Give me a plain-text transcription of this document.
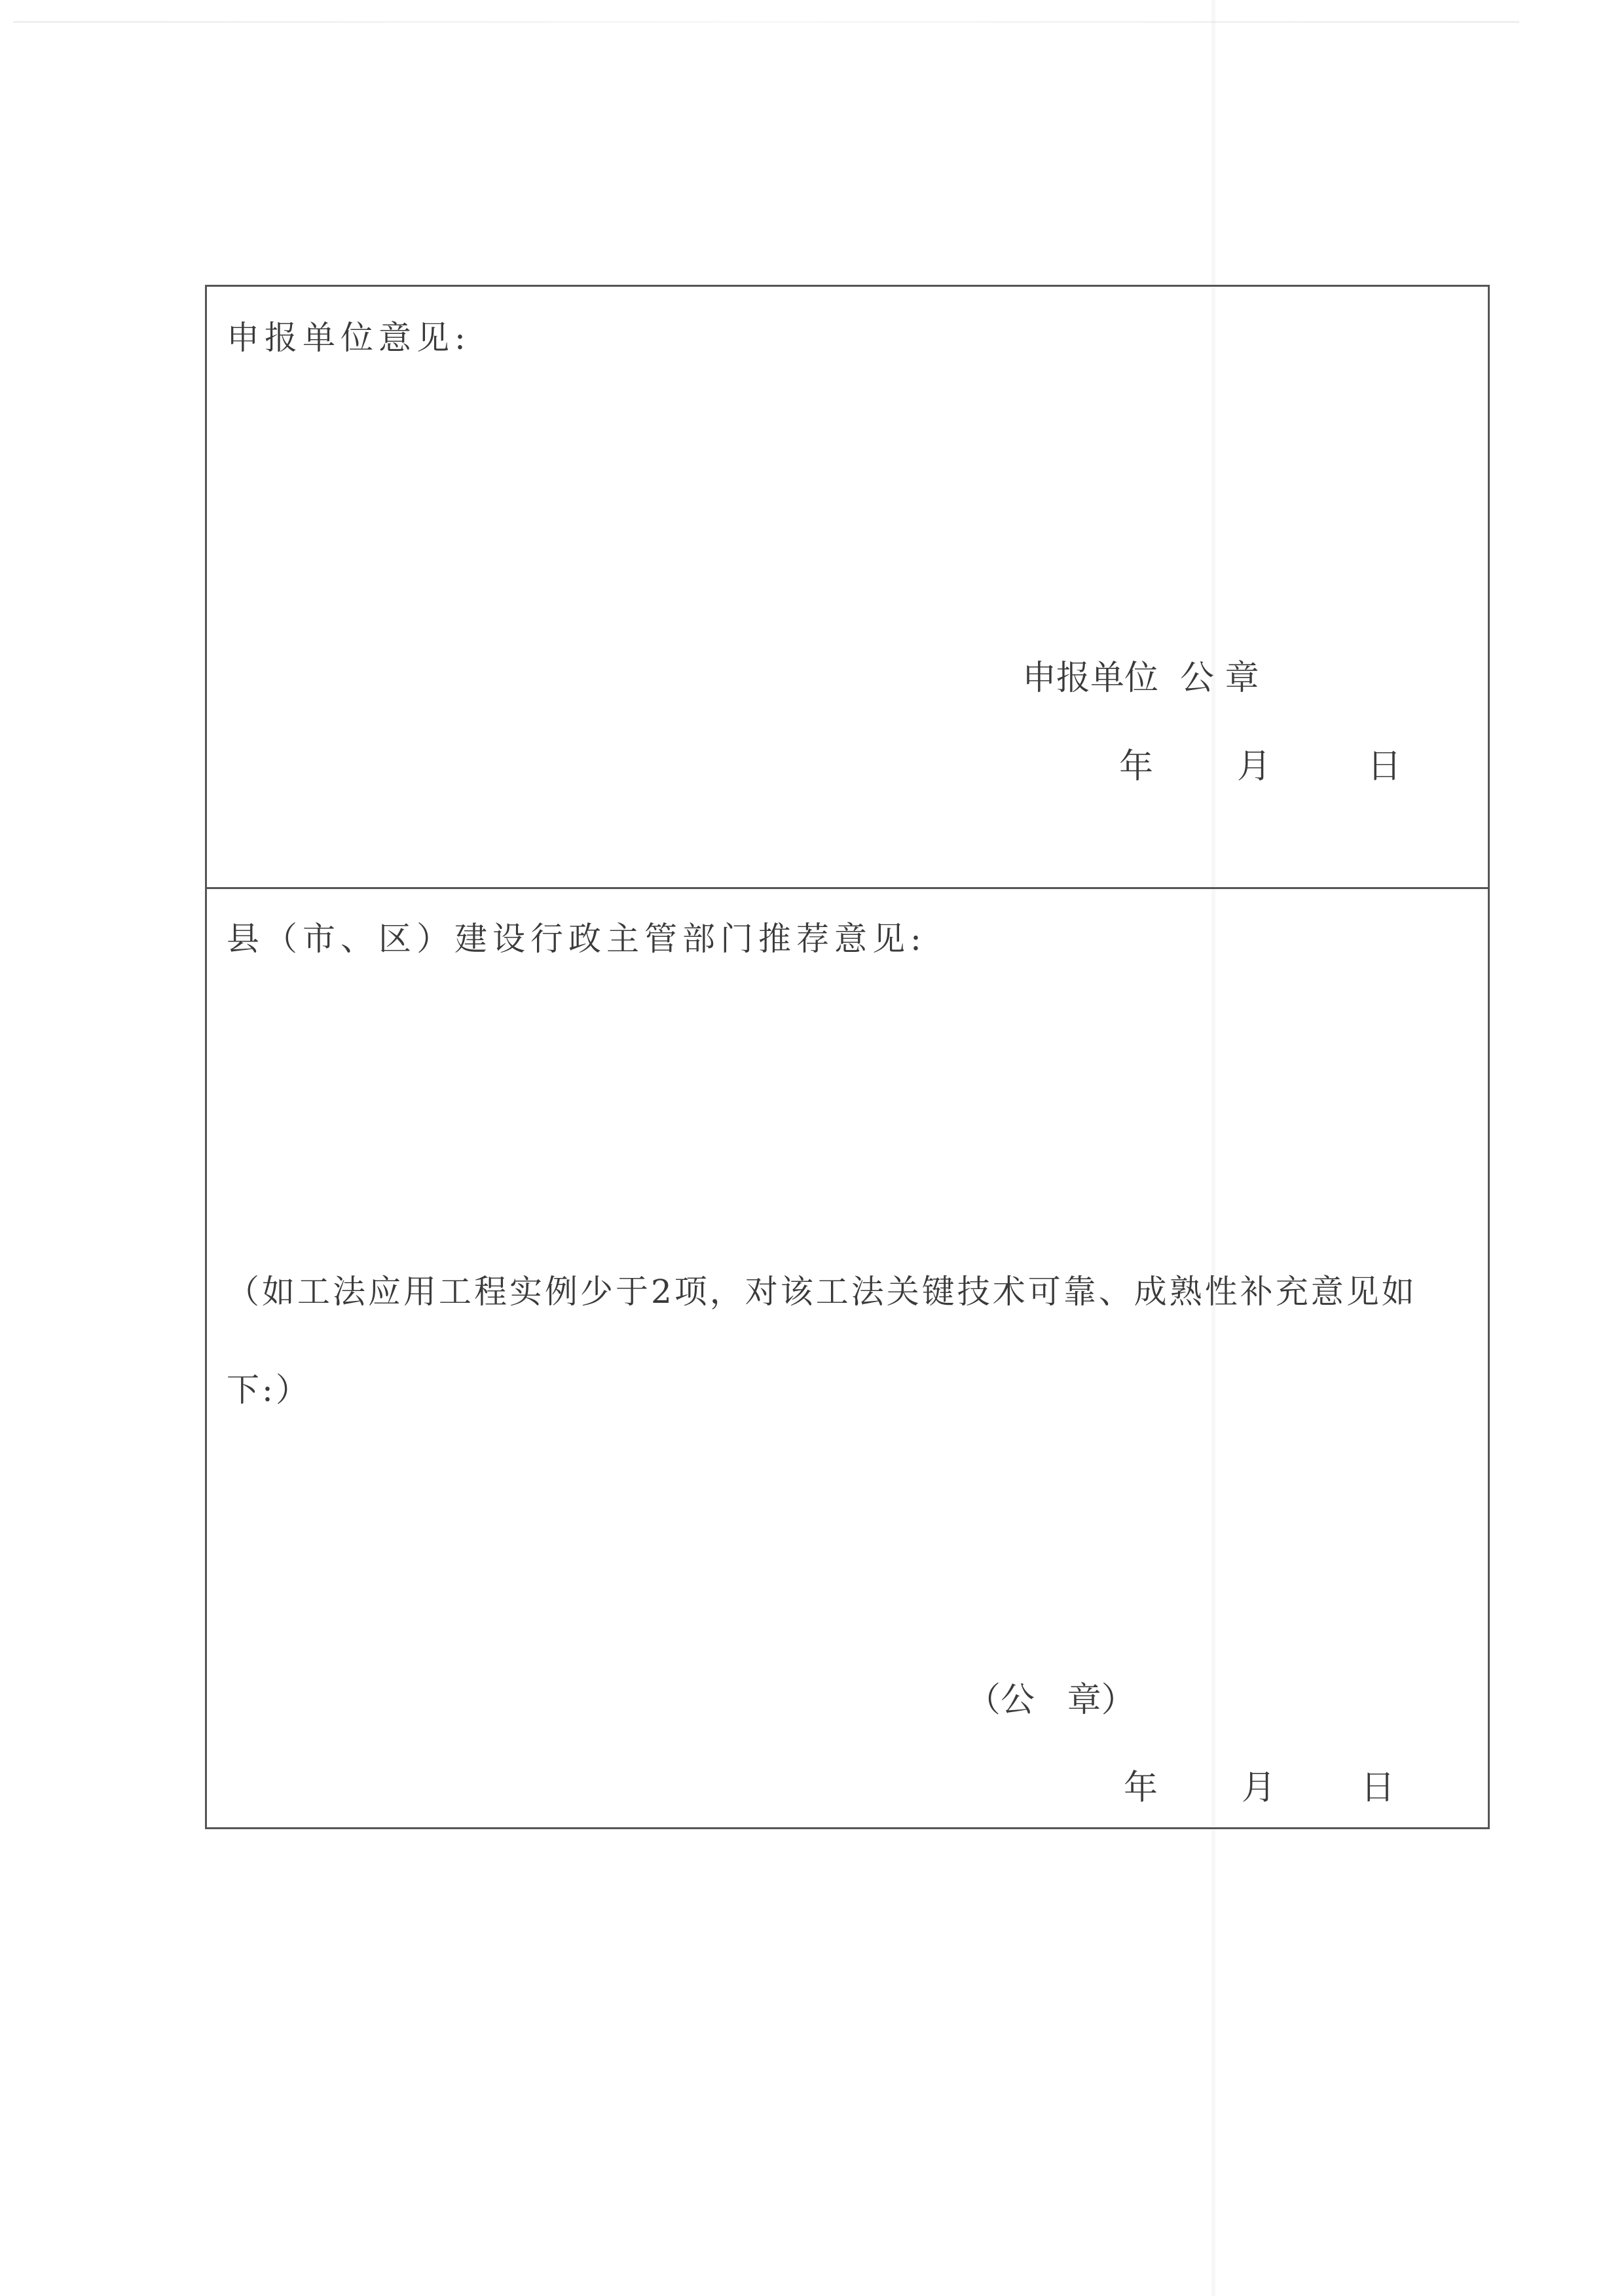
申报单位意见:
申报单位  公 章
年 月	日
县（市、区）建设行政主管部门推荐意见:
（如工法应用工程实例少于2项，对该工法关键技术可靠、成熟性补充意见如下:）
（公   章）
年 月 日
